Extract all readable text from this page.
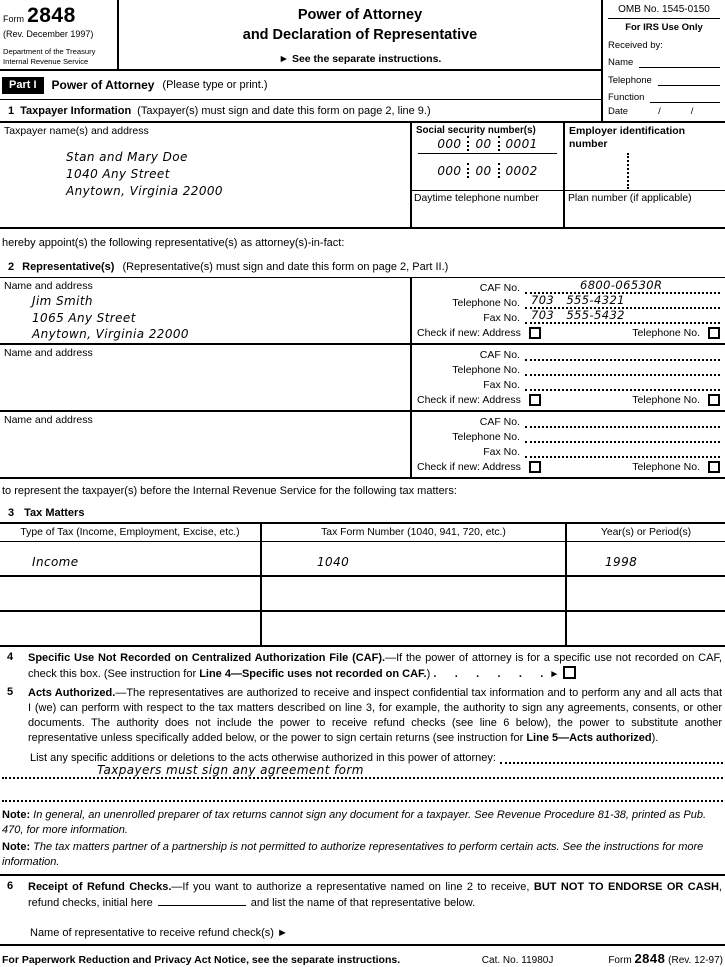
Form 2848
(Rev. December 1997)
Department of the Treasury
Internal Revenue Service
Power of Attorney
and Declaration of Representative
► See the separate instructions.
Part I	Power of Attorney (Please type or print.)
1 Taxpayer Information (Taxpayer(s) must sign and date this form on page 2, line 9.)
OMB No. 1545-0150
For IRS Use Only
Received by:
Name
Telephone
Function
Date	/	/
Taxpayer name(s) and address
Stan and Mary Doe
1040 Any Street
Anytown, Virginia 22000
Social security number(s)
000 00 0001
000 00 0002
Daytime telephone number
Employer identification
number
Plan number (if applicable)
hereby appoint(s) the following representative(s) as attorney(s)-in-fact:
2 Representative(s) (Representative(s) must sign and date this form on page 2, Part II.)
Name and address
Jim Smith
1065 Any Street
Anytown, Virginia 22000
CAF No.	6800-06530R
Telephone No. 703   555-4321
Fax No. 703   555-5432
Check if new: Address	Telephone No.
Name and address	CAF No.
Telephone No.
Fax No.
Check if new: Address	Telephone No.
Name and address	CAF No.
Telephone No.
Fax No.
Check if new: Address	Telephone No.
to represent the taxpayer(s) before the Internal Revenue Service for the following tax matters:
3 Tax Matters
Type of Tax (Income, Employment, Excise, etc.)	Tax Form Number (1040, 941, 720, etc.)	Year(s) or Period(s)
Income	1040	1998
4	Specific Use Not Recorded on Centralized Authorization File (CAF).—If the power of attorney is for a specific use not recorded on CAF, check this box. (See instruction for Line 4—Specific uses not recorded on CAF.) .      .      .      .      .      . ►
5	Acts Authorized.—The representatives are authorized to receive and inspect confidential tax information and to perform any and all acts that I (we) can perform with respect to the tax matters described on line 3, for example, the authority to sign any agreements, consents, or other documents. The authority does not include the power to receive refund checks (see line 6 below), the power to substitute another representative unless specifically added below, or the power to sign certain returns (see instruction for Line 5—Acts authorized).
List any specific additions or deletions to the acts otherwise authorized in this power of attorney:
Taxpayers must sign any agreement form
Note: In general, an unenrolled preparer of tax returns cannot sign any document for a taxpayer. See Revenue Procedure 81-38, printed as Pub. 470, for more information.
Note: The tax matters partner of a partnership is not permitted to authorize representatives to perform certain acts. See the instructions for more information.
6	Receipt of Refund Checks.—If you want to authorize a representative named on line 2 to receive, BUT NOT TO ENDORSE OR CASH, refund checks, initial here	and list the name of that representative below.
Name of representative to receive refund check(s) ►
For Paperwork Reduction and Privacy Act Notice, see the separate instructions.	Cat. No. 11980J	Form 2848 (Rev. 12-97)
